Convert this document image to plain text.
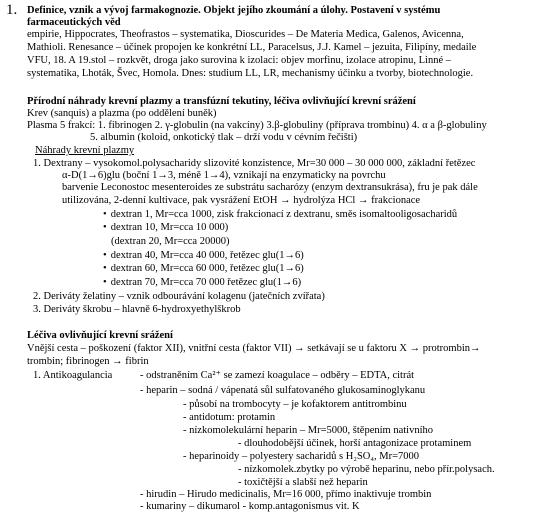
1. Definice, vznik a vývoj farmakognozie. Objekt jejího zkoumání a úlohy. Postavení v systému
farmaceutických věd
empirie, Hippocrates, Theofrastos – systematika, Dioscurides – De Materia Medica, Galenos, Avicenna,
Mathioli. Renesance – účinek propojen ke konkrétní LL, Paracelsus, J.J. Kamel – jezuita, Filipíny, medaile
VFU, 18. A 19.stol – rozkvět, droga jako surovina k izolaci: objev morfinu, izolace atropinu, Linné –
systematika, Lhoták, Švec, Homola. Dnes: studium LL, LR, mechanismy účinku a tvorby, biotechnologie.
Přírodní náhrady krevní plazmy a transfúzní tekutiny, léčiva ovlivňující krevní srážení
Krev (sanquis) a plazma (po oddělení buněk)
Plasma 5 frakcí: 1. fibrinogen 2. γ-globulin (na vakcíny) 3.β-globuliny (příprava trombinu) 4. α a β-globuliny
5. albumin (koloid, onkotický tlak – drží vodu v cévním řečišti)
Náhrady krevní plazmy
1. Dextrany – vysokomol.polysacharidy slizovité konzistence, Mr=30 000 – 30 000 000, základní řetězec
α-D(1→6)glu (boční 1→3, méně 1→4), vznikají na enzymaticky na povrchu
barvenie Leconostoc mesenteroides ze substrátu sacharózy (enzym dextransukrása), fru je pak dále
utilizována, 2-denní kultivace, pak vysrážení EtOH → hydrolýza HCl → frakcionace
• dextran 1, Mr=cca 1000, zisk frakcionací z dextranu, směs isomaltooligosacharidů
• dextran 10, Mr=cca 10 000)
(dextran 20, Mr=cca 20000)
• dextran 40, Mr=cca 40 000, řetězec glu(1→6)
• dextran 60, Mr=cca 60 000, řetězec glu(1→6)
• dextran 70, Mr=cca 70 000 řetězec glu(1→6)
2. Deriváty želatiny – vznik odbourávání kolagenu (jatečních zvířata)
3. Deriváty škrobu – hlavně 6-hydroxyethylškrob
Léčiva ovlivňující krevní srážení
Vnější cesta – poškození (faktor XII), vnitřní cesta (faktor VII) → setkávají se u faktoru X → protrombin→
trombin; fibrinogen → fibrin
1. Antikoagulancia	- odstraněním Ca²⁺ se zamezí koagulace – odběry – EDTA, citrát
- heparin – sodná / vápenatá sůl sulfatovaného glukosaminoglykanu
- působí na trombocyty – je kofaktorem antitrombinu
- antidotum: protamin
- nízkomolekulární heparin – Mr=5000, štěpením nativního
- dlouhodobější účinek, horší antagonizace protaminem
- heparinoidy – polyestery sacharidů s H₂SO₄, Mr=7000
- nízkomolek.zbytky po výrobě heparinu, nebo přír.polysach.
- toxičtější a slabší než heparin
- hirudin – Hirudo medicinalis, Mr=16 000, přímo inaktivuje trombin
- kumariny – dikumarol - komp.antagonismus vit. K
